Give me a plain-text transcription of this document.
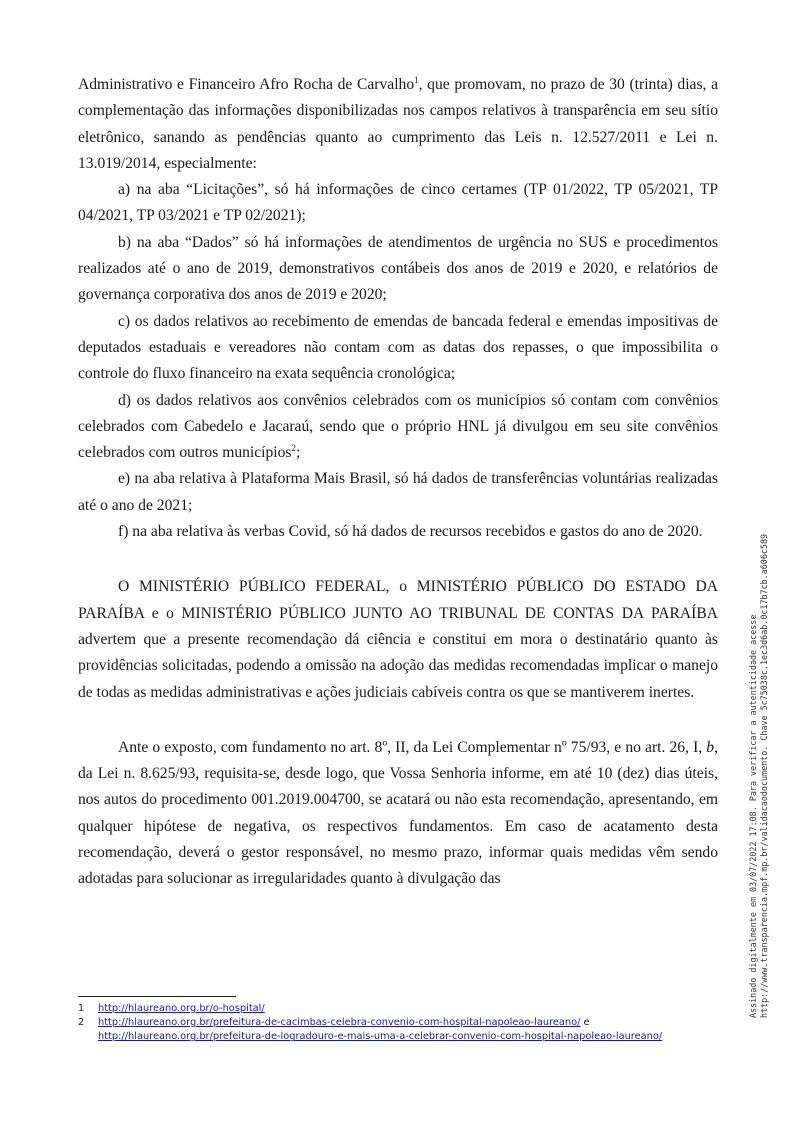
Administrativo e Financeiro Afro Rocha de Carvalho$^1$, que promovam, no prazo de 30 (trinta) dias, a complementação das informações disponibilizadas nos campos relativos à transparência em seu sítio eletrônico, sanando as pendências quanto ao cumprimento das Leis n. 12.527/2011 e Lei n. 13.019/2014, especialmente:

a) na aba “Licitações”, só há informações de cinco certames (TP 01/2022, TP 05/2021, TP 04/2021, TP 03/2021 e TP 02/2021);

b) na aba “Dados” só há informações de atendimentos de urgência no SUS e procedimentos realizados até o ano de 2019, demonstrativos contábeis dos anos de 2019 e 2020, e relatórios de governança corporativa dos anos de 2019 e 2020;

c) os dados relativos ao recebimento de emendas de bancada federal e emendas impositivas de deputados estaduais e vereadores não contam com as datas dos repasses, o que impossibilita o controle do fluxo financeiro na exata sequência cronológica;

d) os dados relativos aos convênios celebrados com os municípios só contam com convênios celebrados com Cabedelo e Jacaraú, sendo que o próprio HNL já divulgou em seu site convênios celebrados com outros municípios$^2$;

e) na aba relativa à Plataforma Mais Brasil, só há dados de transferências voluntárias realizadas até o ano de 2021;

f) na aba relativa às verbas Covid, só há dados de recursos recebidos e gastos do ano de 2020.

O MINISTÉRIO PÚBLICO FEDERAL, o MINISTÉRIO PÚBLICO DO ESTADO DA PARAÍBA e o MINISTÉRIO PÚBLICO JUNTO AO TRIBUNAL DE CONTAS DA PARAÍBA advertem que a presente recomendação dá ciência e constitui em mora o destinatário quanto às providências solicitadas, podendo a omissão na adoção das medidas recomendadas implicar o manejo de todas as medidas administrativas e ações judiciais cabíveis contra os que se mantiverem inertes.

Ante o exposto, com fundamento no art. 8º, II, da Lei Complementar nº 75/93, e no art. 26, I, b, da Lei n. 8.625/93, requisita-se, desde logo, que Vossa Senhoria informe, em até 10 (dez) dias úteis, nos autos do procedimento 001.2019.004700, se acatará ou não esta recomendação, apresentando, em qualquer hipótese de negativa, os respectivos fundamentos. Em caso de acatamento desta recomendação, deverá o gestor responsável, no mesmo prazo, informar quais medidas vêm sendo adotadas para solucionar as irregularidades quanto à divulgação das

1	http://hlaureano.org.br/o-hospital/
2	http://hlaureano.org.br/prefeitura-de-cacimbas-celebra-convenio-com-hospital-napoleao-laureano/ e
http://hlaureano.org.br/prefeitura-de-logradouro-e-mais-uma-a-celebrar-convenio-com-hospital-napoleao-laureano/
Assinado digitalmente em 03/07/2022 17:08. Para verificar a autenticidade acesse http://www.transparencia.mpf.mp.br/validacaodocumento. Chave 5c75038c.1ec3d6ab.0c17b7cb.a606c589
